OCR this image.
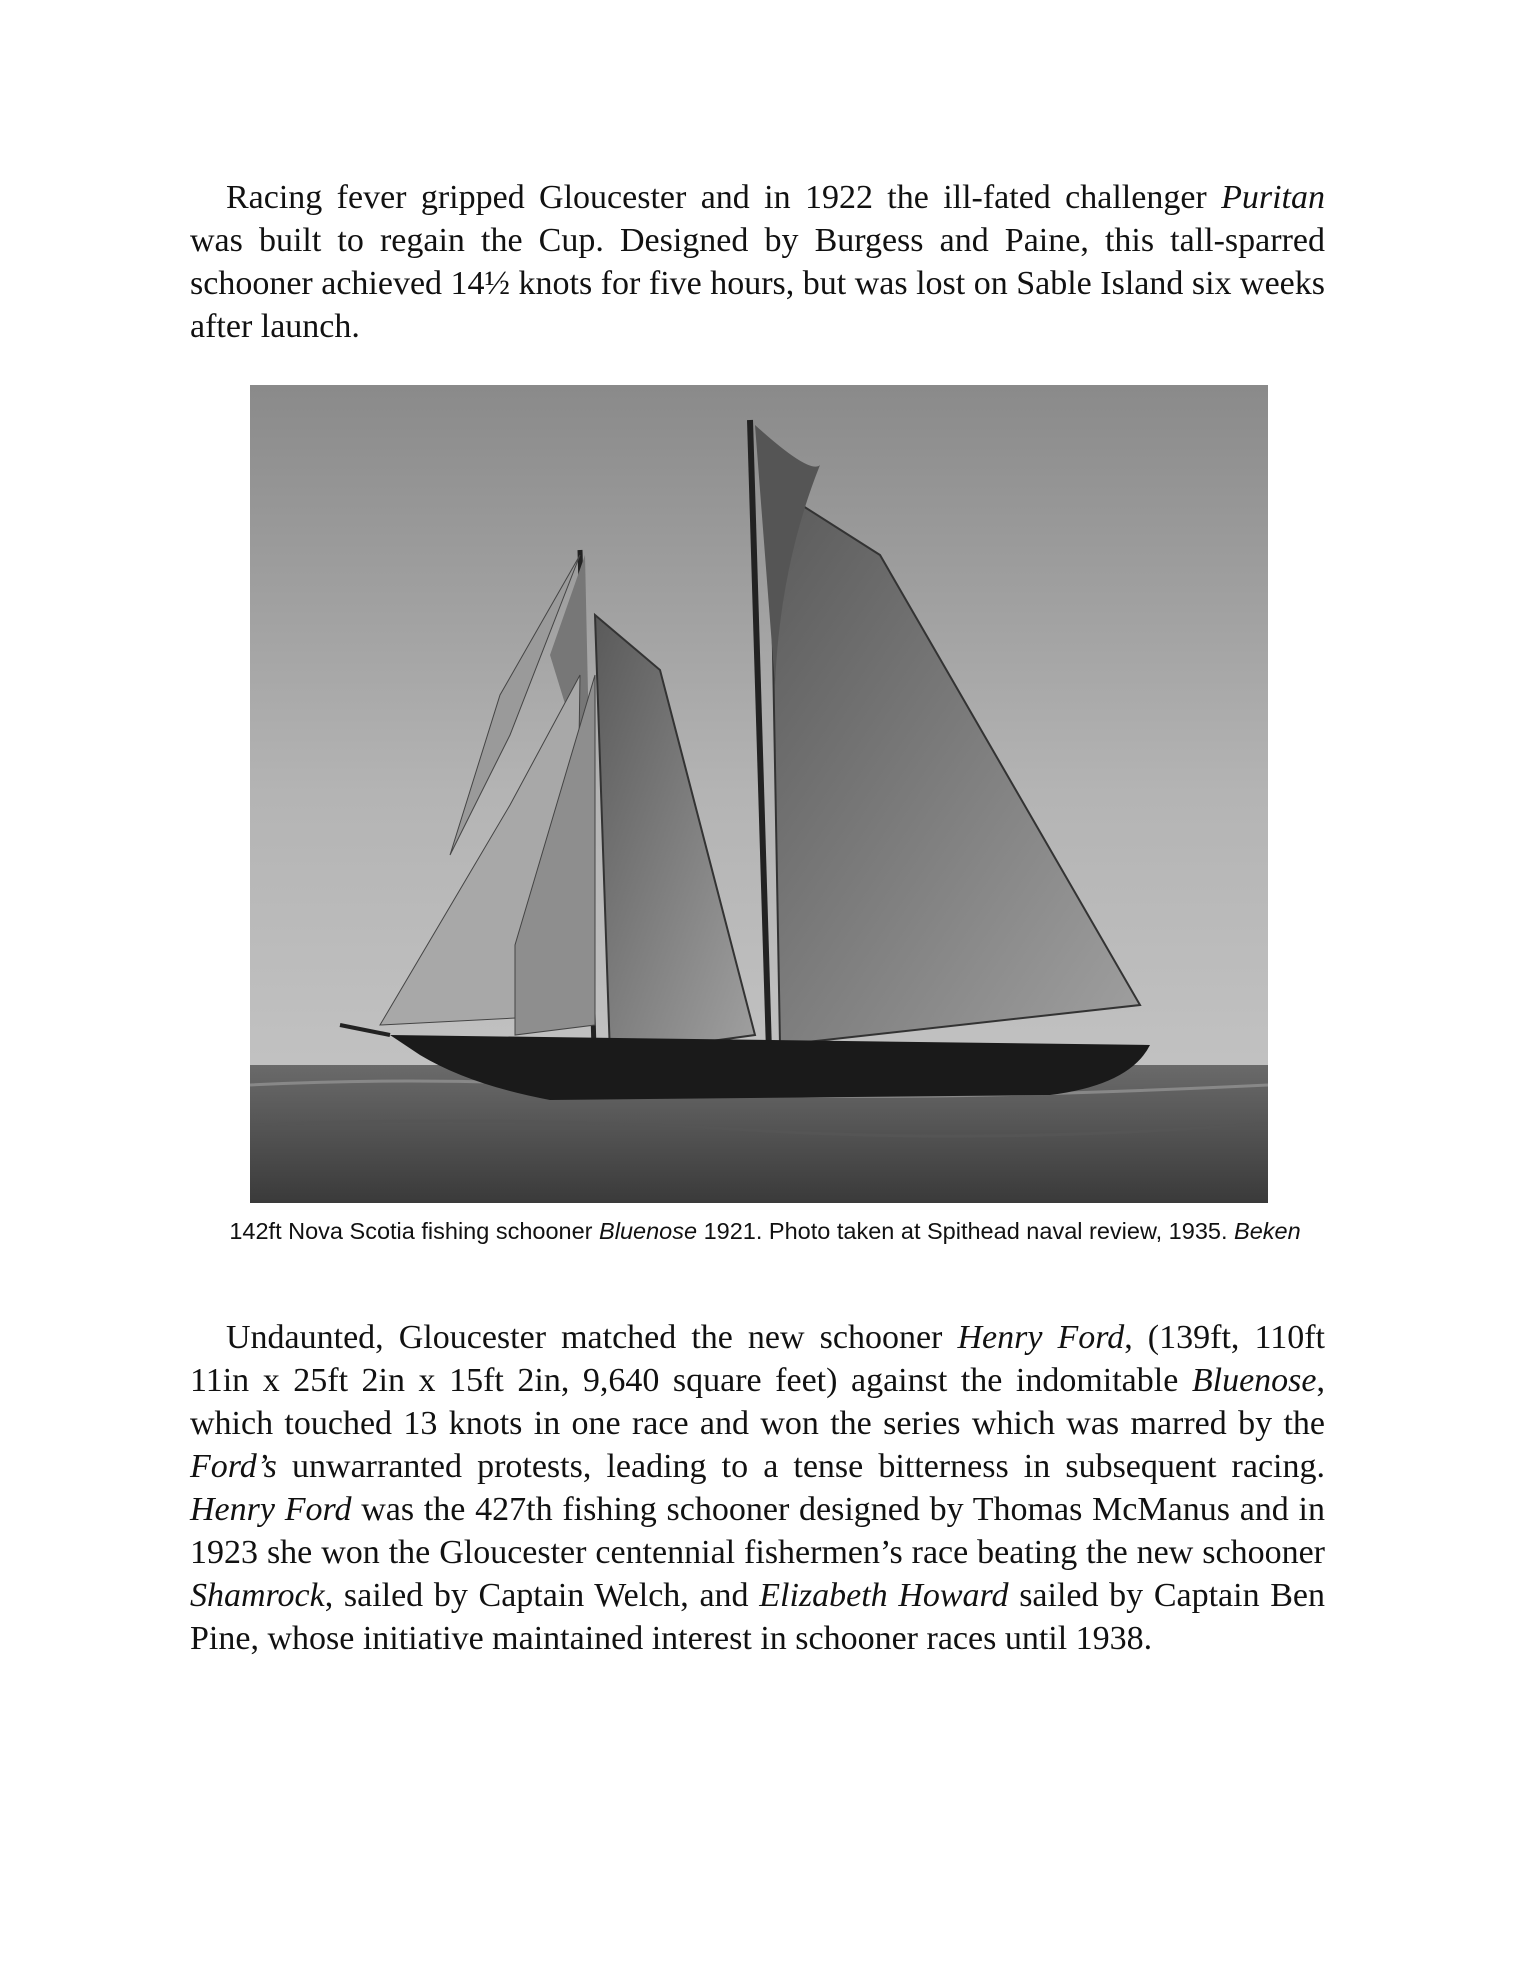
Racing fever gripped Gloucester and in 1922 the ill-fated challenger Puritan was built to regain the Cup. Designed by Burgess and Paine, this tall-sparred schooner achieved 14½ knots for five hours, but was lost on Sable Island six weeks after launch.

142ft Nova Scotia fishing schooner Bluenose 1921. Photo taken at Spithead naval review, 1935. Beken

Undaunted, Gloucester matched the new schooner Henry Ford, (139ft, 110ft 11in x 25ft 2in x 15ft 2in, 9,640 square feet) against the indomitable Bluenose, which touched 13 knots in one race and won the series which was marred by the Ford’s unwarranted protests, leading to a tense bitterness in subsequent racing. Henry Ford was the 427th fishing schooner designed by Thomas McManus and in 1923 she won the Gloucester centennial fishermen’s race beating the new schooner Shamrock, sailed by Captain Welch, and Elizabeth Howard sailed by Captain Ben Pine, whose initiative maintained interest in schooner races until 1938.
